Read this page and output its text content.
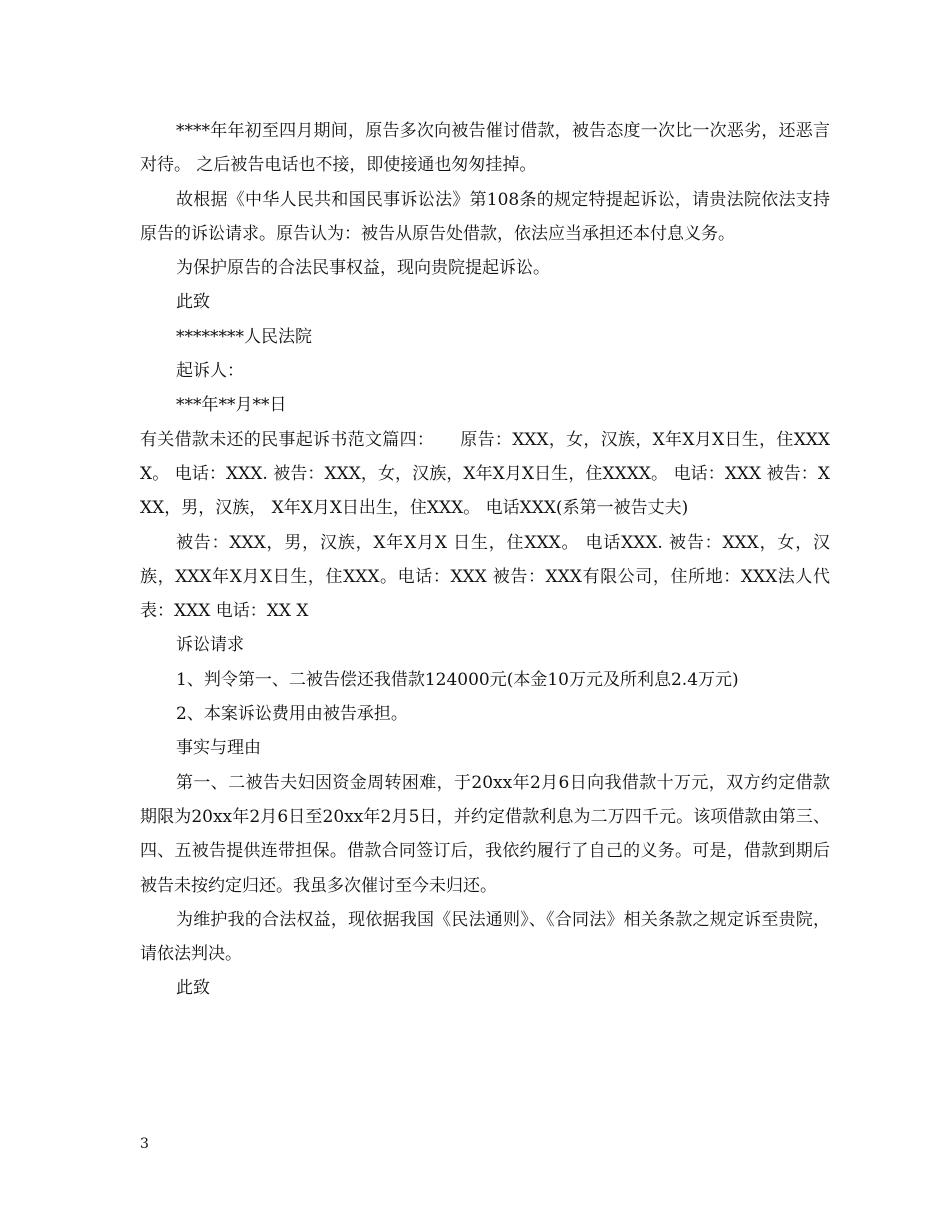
****年年初至四月期间，原告多次向被告催讨借款，被告态度一次比一次恶劣，还恶言对待。 之后被告电话也不接，即使接通也匆匆挂掉。

故根据《中华人民共和国民事诉讼法》第108条的规定特提起诉讼，请贵法院依法支持原告的诉讼请求。原告认为：被告从原告处借款，依法应当承担还本付息义务。

为保护原告的合法民事权益，现向贵院提起诉讼。

此致

********人民法院

起诉人：

***年**月**日

有关借款未还的民事起诉书范文篇四：　　原告：XXX，女，汉族，X年X月X日生，住XXXX。 电话：XXX. 被告：XXX，女，汉族，X年X月X日生，住XXXX。 电话：XXX 被告：XXX，男，汉族， X年X月X日出生，住XXX。 电话XXX(系第一被告丈夫)

被告：XXX，男，汉族，X年X月X 日生，住XXX。 电话XXX. 被告：XXX，女，汉族，XXX年X月X日生，住XXX。电话：XXX 被告：XXX有限公司，住所地：XXX法人代表：XXX 电话：XX X

诉讼请求

1、判令第一、二被告偿还我借款124000元(本金10万元及所利息2.4万元)

2、本案诉讼费用由被告承担。

事实与理由

第一、二被告夫妇因资金周转困难，于20xx年2月6日向我借款十万元，双方约定借款期限为20xx年2月6日至20xx年2月5日，并约定借款利息为二万四千元。该项借款由第三、四、五被告提供连带担保。借款合同签订后，我依约履行了自己的义务。可是，借款到期后被告未按约定归还。我虽多次催讨至今未归还。

为维护我的合法权益，现依据我国《民法通则》、《合同法》相关条款之规定诉至贵院，请依法判决。

此致

3
